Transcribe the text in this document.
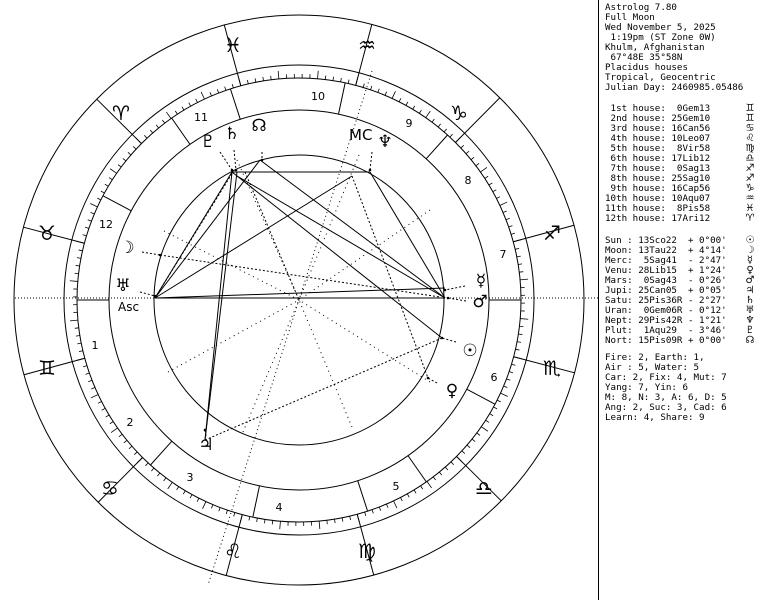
♓	♒
♑
♐
♏
♎
♍
♌
♋
♊
♉
♈
10
9
8
7
6
5
4
3
2
1
12
11
Asc
MC
♇ ♄ ☊
♆
☽
♅	☿
♂
☉
♀
♃
Astrolog 7.80
Full Moon
Wed November 5, 2025
1:19pm (ST Zone 0W)
Khulm, Afghanistan
67°48E 35°58N
Placidus houses
Tropical, Geocentric
Julian Day: 2460985.05486
1st house:  0Gem13	♊
2nd house: 25Gem10	♊
3rd house: 16Can56	♋
4th house: 10Leo07	♌
5th house:  8Vir58	♍
6th house: 17Lib12	♎
7th house:  0Sag13	♐
8th house: 25Sag10	♐
9th house: 16Cap56	♑
10th house: 10Aqu07	♒
11th house:  8Pis58	♓
12th house: 17Ari12	♈
Sun : 13Sco22  + 0°00' ☉
Moon: 13Tau22  + 4°14' ☽
Merc:  5Sag41  - 2°47'	☿
Venu: 28Lib15  + 1°24'	♀
Mars:  0Sag43  - 0°26' ♂
Jupi: 25Can05  + 0°05' ♃
Satu: 25Pis36R - 2°27' ♄
Uran:  0Gem06R - 0°12' ♅
Nept: 29Pis42R - 1°21' ♆
Plut:  1Aqu29  - 3°46' ♇
Nort: 15Pis09R + 0°00' ☊
Fire: 2, Earth: 1,
Air : 5, Water: 5
Car: 2, Fix: 4, Mut: 7
Yang: 7, Yin: 6
M: 8, N: 3, A: 6, D: 5
Ang: 2, Suc: 3, Cad: 6
Learn: 4, Share: 9
